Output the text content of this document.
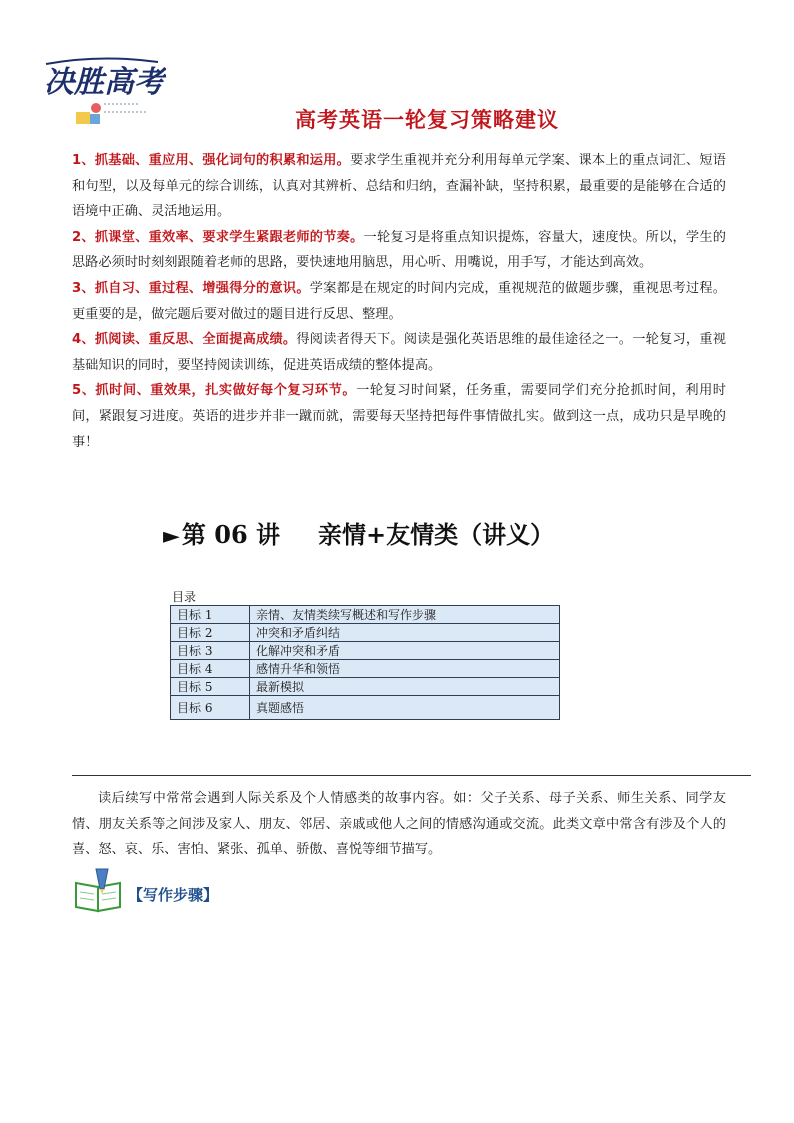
决胜高考
高考英语一轮复习策略建议

1、抓基础、重应用、强化词句的积累和运用。要求学生重视并充分利用每单元学案、课本上的重点词汇、短语和句型，以及每单元的综合训练，认真对其辨析、总结和归纳，查漏补缺，坚持积累，最重要的是能够在合适的语境中正确、灵活地运用。

2、抓课堂、重效率、要求学生紧跟老师的节奏。一轮复习是将重点知识提炼，容量大，速度快。所以，学生的思路必须时时刻刻跟随着老师的思路，要快速地用脑思，用心听、用嘴说，用手写，才能达到高效。

3、抓自习、重过程、增强得分的意识。学案都是在规定的时间内完成，重视规范的做题步骤，重视思考过程。更重要的是，做完题后要对做过的题目进行反思、整理。

4、抓阅读、重反思、全面提高成绩。得阅读者得天下。阅读是强化英语思维的最佳途径之一。一轮复习，重视基础知识的同时，要坚持阅读训练，促进英语成绩的整体提高。

5、抓时间、重效果，扎实做好每个复习环节。一轮复习时间紧，任务重，需要同学们充分抢抓时间，利用时间，紧跟复习进度。英语的进步并非一蹴而就，需要每天坚持把每件事情做扎实。做到这一点，成功只是早晚的事！

►第 06 讲 亲情+友情类（讲义）
目录
目标 1	亲情、友情类续写概述和写作步骤
目标 2	冲突和矛盾纠结
目标 3	化解冲突和矛盾
目标 4	感情升华和领悟
目标 5	最新模拟
目标 6	真题感悟

读后续写中常常会遇到人际关系及个人情感类的故事内容。如：父子关系、母子关系、师生关系、同学友情、朋友关系等之间涉及家人、朋友、邻居、亲戚或他人之间的情感沟通或交流。此类文章中常含有涉及个人的喜、怒、哀、乐、害怕、紧张、孤单、骄傲、喜悦等细节描写。

【写作步骤】
